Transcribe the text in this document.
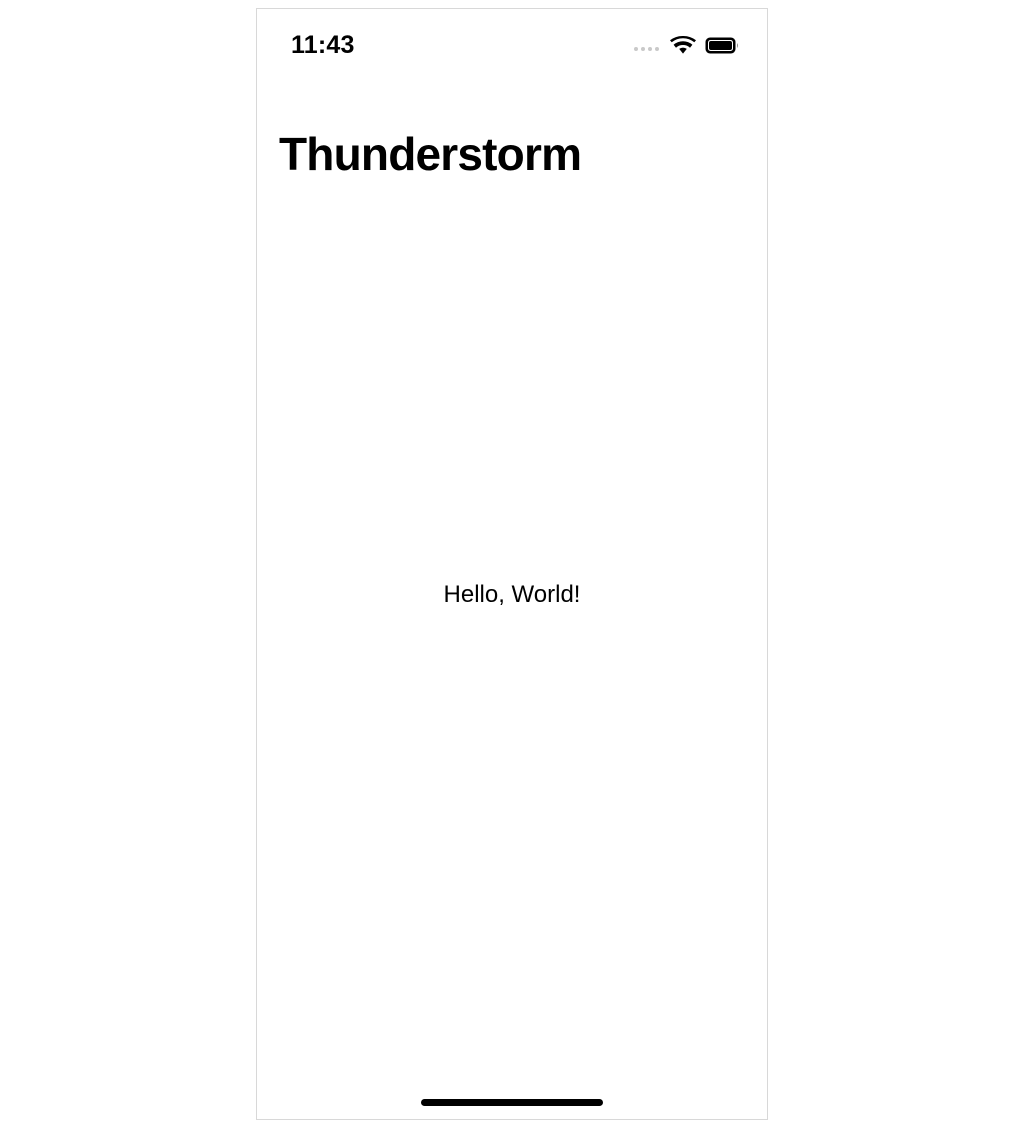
11:43
Thunderstorm
Hello, World!
